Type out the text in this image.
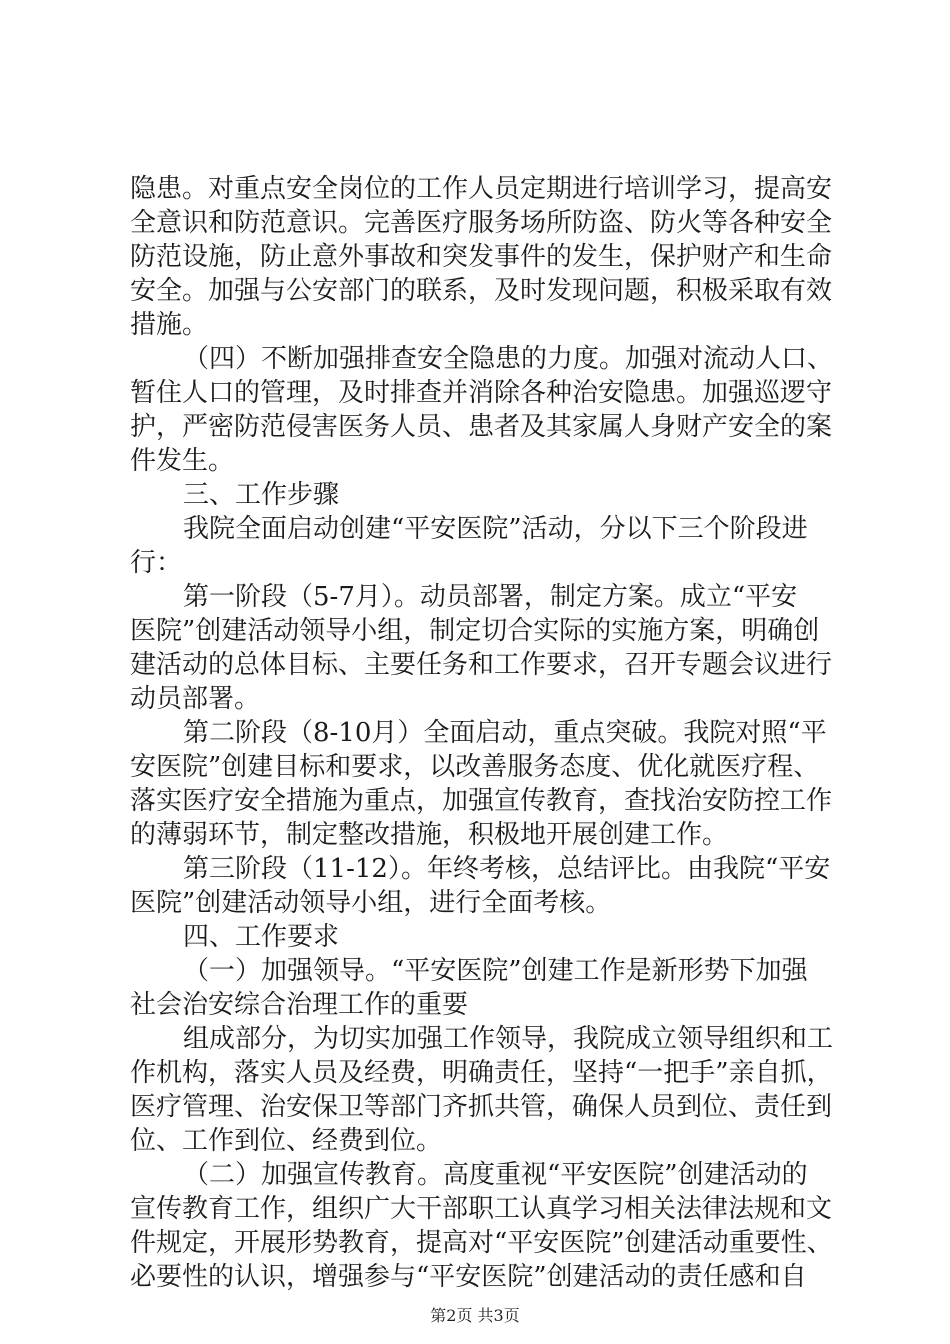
隐患。对重点安全岗位的工作人员定期进行培训学习，提高安
全意识和防范意识。完善医疗服务场所防盗、防火等各种安全
防范设施，防止意外事故和突发事件的发生，保护财产和生命
安全。加强与公安部门的联系，及时发现问题，积极采取有效
措施。
（四）不断加强排查安全隐患的力度。加强对流动人口、
暂住人口的管理，及时排查并消除各种治安隐患。加强巡逻守
护，严密防范侵害医务人员、患者及其家属人身财产安全的案
件发生。
三、工作步骤
我院全面启动创建“平安医院”活动，分以下三个阶段进
行：
第一阶段（5-7月）。动员部署，制定方案。成立“平安
医院”创建活动领导小组，制定切合实际的实施方案，明确创
建活动的总体目标、主要任务和工作要求，召开专题会议进行
动员部署。
第二阶段（8-10月）全面启动，重点突破。我院对照“平
安医院”创建目标和要求，以改善服务态度、优化就医疗程、
落实医疗安全措施为重点，加强宣传教育，查找治安防控工作
的薄弱环节，制定整改措施，积极地开展创建工作。
第三阶段（11-12）。年终考核，总结评比。由我院“平安
医院”创建活动领导小组，进行全面考核。
四、工作要求
（一）加强领导。“平安医院”创建工作是新形势下加强
社会治安综合治理工作的重要
组成部分，为切实加强工作领导，我院成立领导组织和工
作机构，落实人员及经费，明确责任，坚持“一把手”亲自抓，
医疗管理、治安保卫等部门齐抓共管，确保人员到位、责任到
位、工作到位、经费到位。
（二）加强宣传教育。高度重视“平安医院”创建活动的
宣传教育工作，组织广大干部职工认真学习相关法律法规和文
件规定，开展形势教育，提高对“平安医院”创建活动重要性、
必要性的认识，增强参与“平安医院”创建活动的责任感和自
第2页 共3页
